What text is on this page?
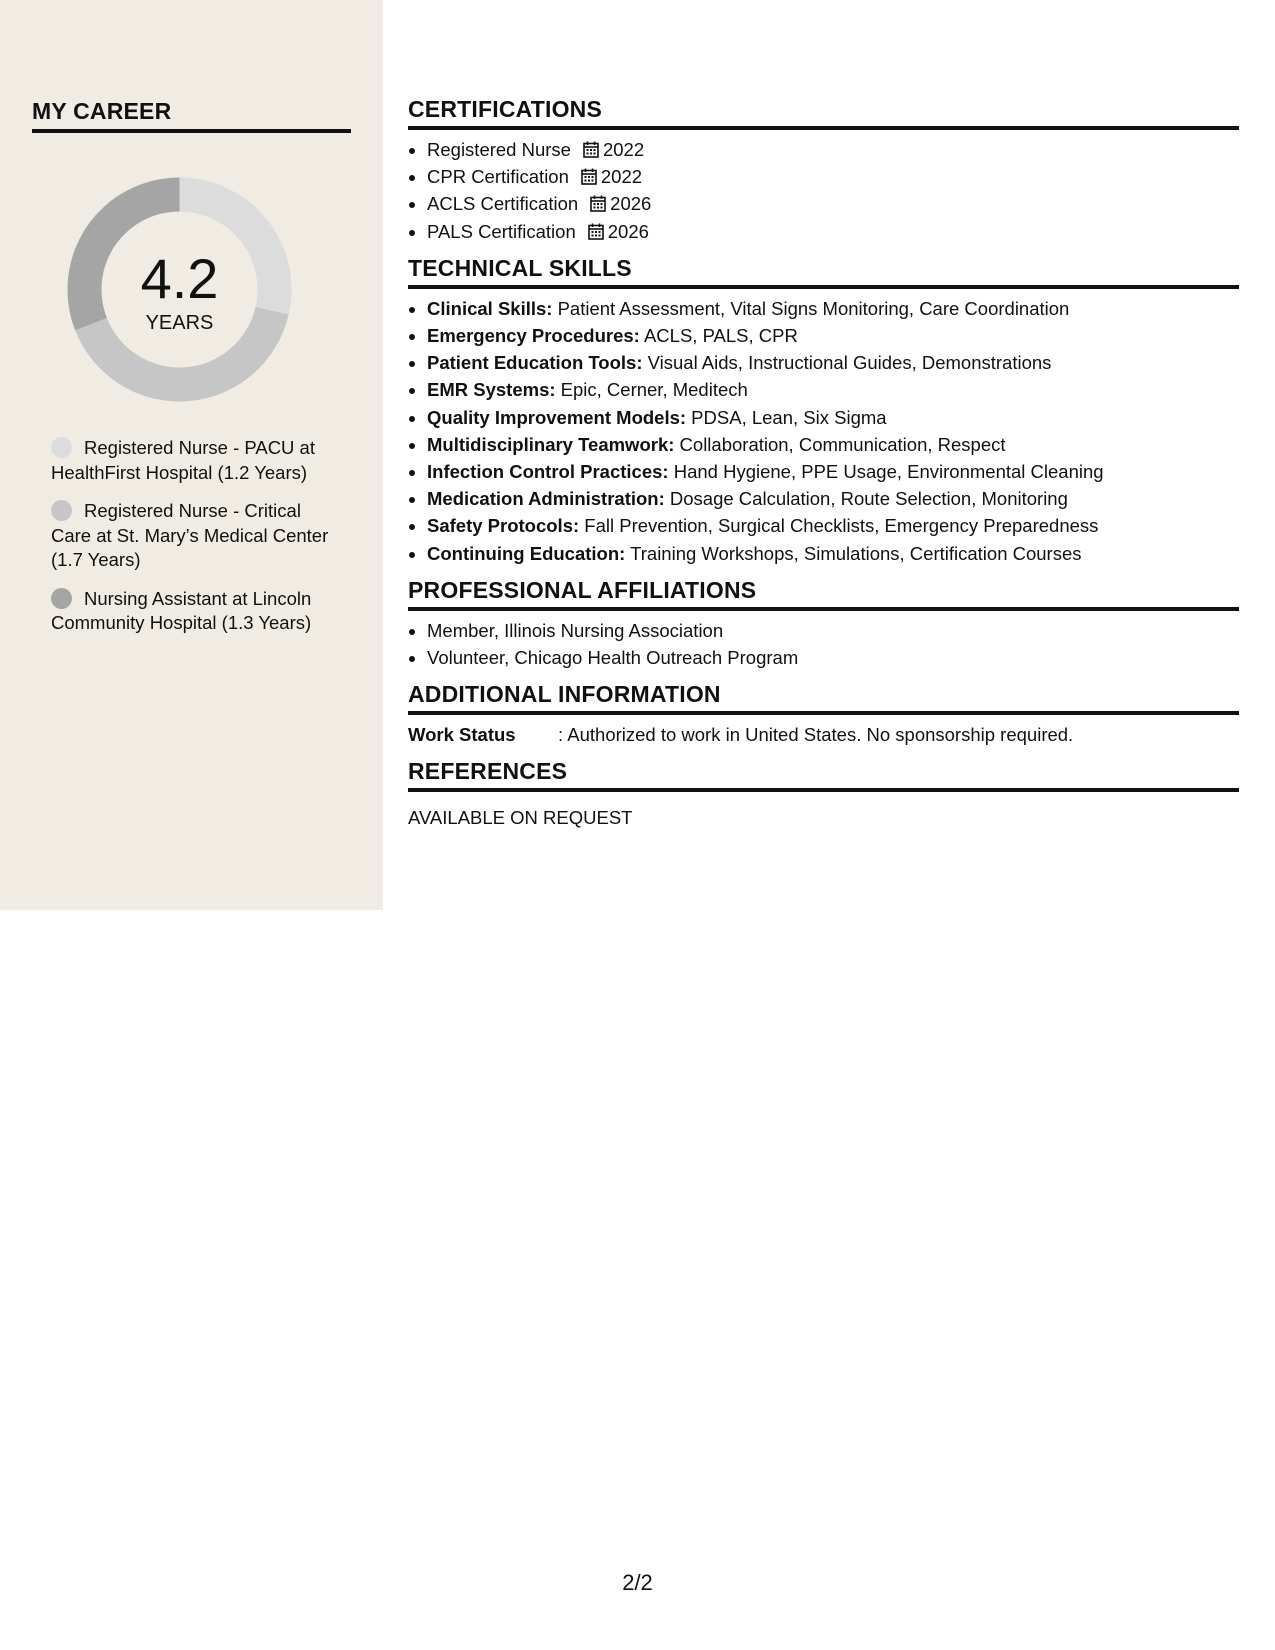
MY CAREER
4.2
YEARS
Registered Nurse - PACU at HealthFirst Hospital (1.2 Years)
Registered Nurse - Critical Care at St. Mary’s Medical Center (1.7 Years)
Nursing Assistant at Lincoln Community Hospital (1.3 Years)
CERTIFICATIONS
• Registered Nurse 2022
• CPR Certification 2022
• ACLS Certification 2026
• PALS Certification 2026
TECHNICAL SKILLS
• Clinical Skills: Patient Assessment, Vital Signs Monitoring, Care Coordination
• Emergency Procedures: ACLS, PALS, CPR
• Patient Education Tools: Visual Aids, Instructional Guides, Demonstrations
• EMR Systems: Epic, Cerner, Meditech
• Quality Improvement Models: PDSA, Lean, Six Sigma
• Multidisciplinary Teamwork: Collaboration, Communication, Respect
• Infection Control Practices: Hand Hygiene, PPE Usage, Environmental Cleaning
• Medication Administration: Dosage Calculation, Route Selection, Monitoring
• Safety Protocols: Fall Prevention, Surgical Checklists, Emergency Preparedness
• Continuing Education: Training Workshops, Simulations, Certification Courses
PROFESSIONAL AFFILIATIONS
• Member, Illinois Nursing Association
• Volunteer, Chicago Health Outreach Program
ADDITIONAL INFORMATION
Work Status	: Authorized to work in United States. No sponsorship required.
REFERENCES
AVAILABLE ON REQUEST
2/2
